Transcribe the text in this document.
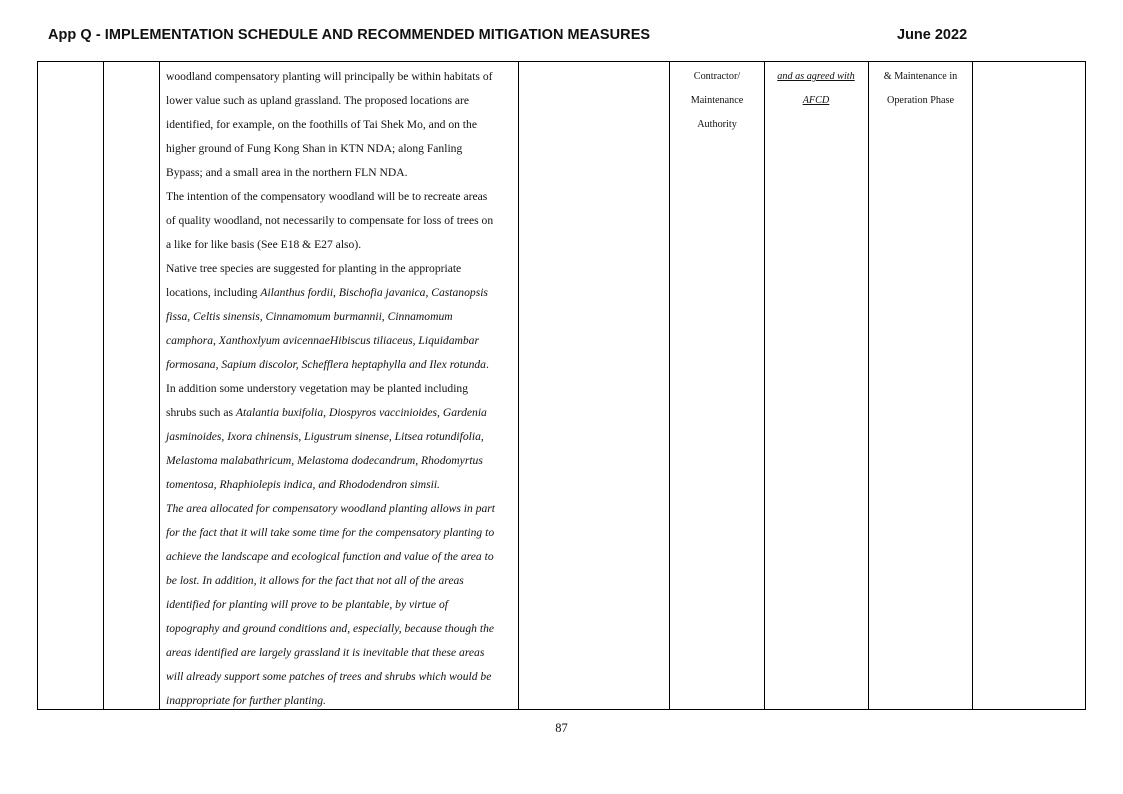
App Q - IMPLEMENTATION SCHEDULE AND RECOMMENDED MITIGATION MEASURES	June 2022
woodland compensatory planting will principally be within habitats of
lower value such as upland grassland. The proposed locations are
identified, for example, on the foothills of Tai Shek Mo, and on the
higher ground of Fung Kong Shan in KTN NDA; along Fanling
Bypass; and a small area in the northern FLN NDA.
The intention of the compensatory woodland will be to recreate areas
of quality woodland, not necessarily to compensate for loss of trees on
a like for like basis (See E18 & E27 also).
Native tree species are suggested for planting in the appropriate
locations, including Ailanthus fordii, Bischofia javanica, Castanopsis
fissa, Celtis sinensis, Cinnamomum burmannii, Cinnamomum
camphora, Xanthoxlyum avicennaeHibiscus tiliaceus, Liquidambar
formosana, Sapium discolor, Schefflera heptaphylla and Ilex rotunda.
In addition some understory vegetation may be planted including
shrubs such as Atalantia buxifolia, Diospyros vaccinioides, Gardenia
jasminoides, Ixora chinensis, Ligustrum sinense, Litsea rotundifolia,
Melastoma malabathricum, Melastoma dodecandrum, Rhodomyrtus
tomentosa, Rhaphiolepis indica, and Rhododendron simsii.
The area allocated for compensatory woodland planting allows in part
for the fact that it will take some time for the compensatory planting to
achieve the landscape and ecological function and value of the area to
be lost. In addition, it allows for the fact that not all of the areas
identified for planting will prove to be plantable, by virtue of
topography and ground conditions and, especially, because though the
areas identified are largely grassland it is inevitable that these areas
will already support some patches of trees and shrubs which would be
inappropriate for further planting.
Contractor/
Maintenance
Authority
and as agreed with
AFCD
& Maintenance in
Operation Phase
87
